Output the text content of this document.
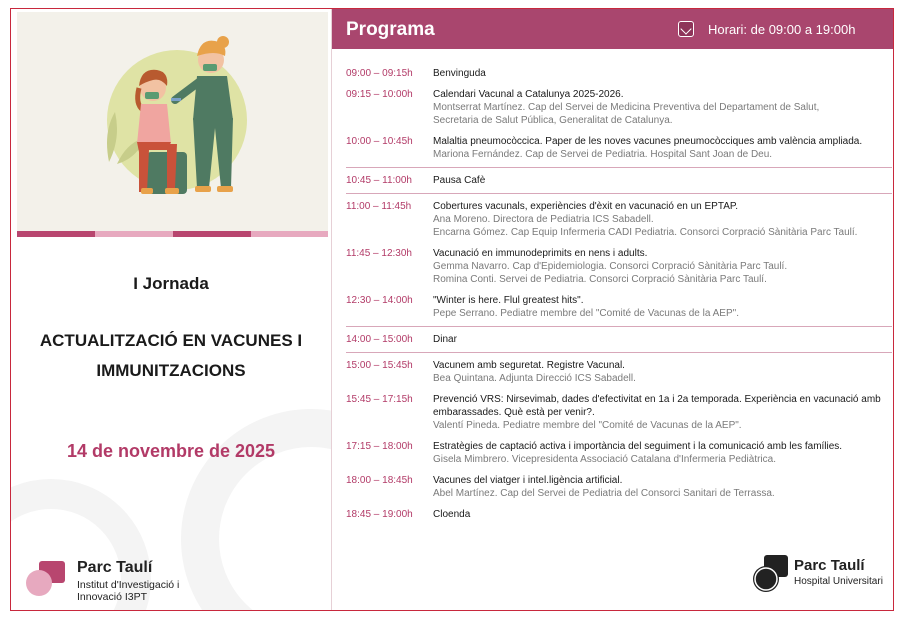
I Jornada
ACTUALITZACIÓ EN VACUNES I
IMMUNITZACIONS
14 de novembre de 2025
Parc Taulí
Institut d'Investigació i
Innovació I3PT
Programa	Horari: de 09:00 a 19:00h
09:00 – 09:15h	Benvinguda
09:15 – 10:00h	Calendari Vacunal a Catalunya 2025-2026.
Montserrat Martínez. Cap del Servei de Medicina Preventiva del Departament de Salut,
Secretaria de Salut Pública, Generalitat de Catalunya.
10:00 – 10:45h	Malaltia pneumocòccica. Paper de les noves vacunes pneumocòcciques amb valència ampliada.
Mariona Fernández. Cap de Servei de Pediatria. Hospital Sant Joan de Deu.
10:45 – 11:00h	Pausa Cafè
11:00 – 11:45h	Cobertures vacunals, experiències d'èxit en vacunació en un EPTAP.
Ana Moreno. Directora de Pediatria ICS Sabadell.
Encarna Gómez. Cap Equip Infermeria CADI Pediatria. Consorci Corpració Sànitària Parc Taulí.
11:45 – 12:30h	Vacunació en immunodeprimits en nens i adults.
Gemma Navarro. Cap d'Epidemiologia. Consorci Corpració Sànitària Parc Taulí.
Romina Conti. Servei de Pediatria. Consorci Corpració Sànitària Parc Taulí.
12:30 – 14:00h	"Winter is here. Flul greatest hits".
Pepe Serrano. Pediatre membre del "Comité de Vacunas de la AEP".
14:00 – 15:00h	Dinar
15:00 – 15:45h	Vacunem amb seguretat. Registre Vacunal.
Bea Quintana. Adjunta Direcció ICS Sabadell.
15:45 – 17:15h	Prevenció VRS: Nirsevimab, dades d'efectivitat en 1a i 2a temporada. Experiència en vacunació amb embarassades. Què està per venir?.
Valentí Pineda. Pediatre membre del "Comité de Vacunas de la AEP".
17:15 – 18:00h	Estratègies de captació activa i importància del seguiment i la comunicació amb les famílies.
Gisela Mimbrero. Vicepresidenta Associació Catalana d'Infermeria Pediàtrica.
18:00 – 18:45h	Vacunes del viatger i intel.ligència artificial.
Abel Martínez. Cap del Servei de Pediatria del Consorci Sanitari de Terrassa.
18:45 – 19:00h	Cloenda
Parc Taulí
Hospital Universitari
